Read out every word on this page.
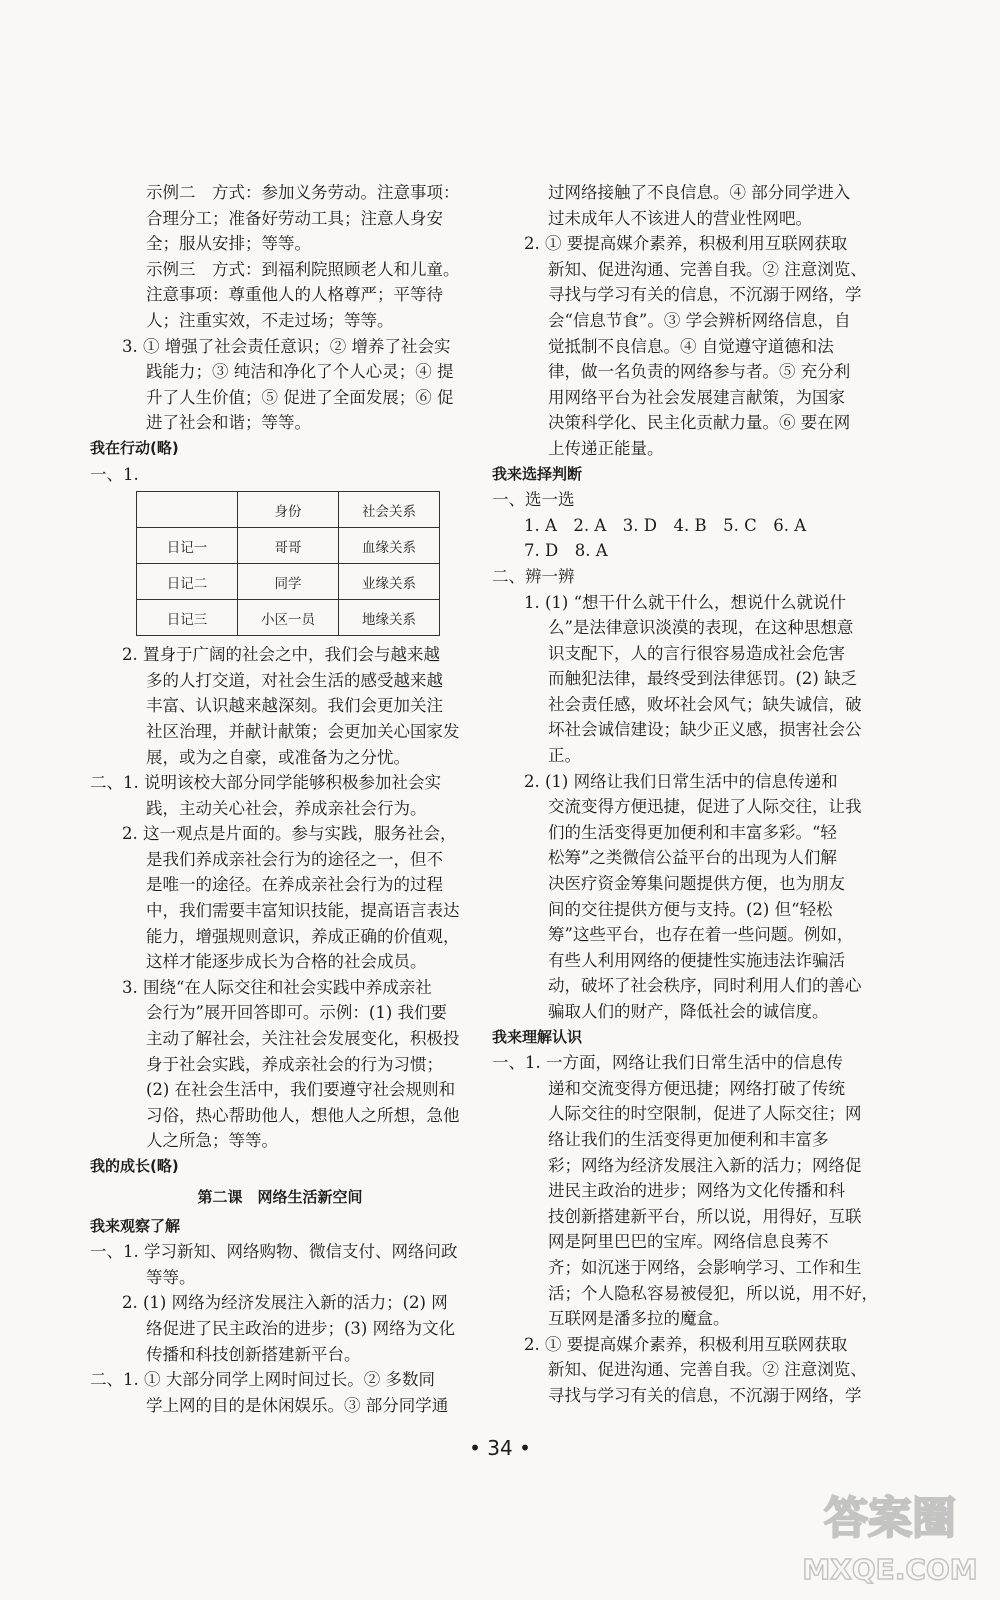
示例二　方式：参加义务劳动。注意事项：
合理分工；准备好劳动工具；注意人身安
全；服从安排；等等。
示例三　方式：到福利院照顾老人和儿童。
注意事项：尊重他人的人格尊严；平等待
人；注重实效，不走过场；等等。
3. ① 增强了社会责任意识；② 增养了社会实
践能力；③ 纯洁和净化了个人心灵；④ 提
升了人生价值；⑤ 促进了全面发展；⑥ 促
进了社会和谐；等等。
我在行动(略)
一、1.
	身份	社会关系
日记一	哥哥	血缘关系
日记二	同学	业缘关系
日记三	小区一员	地缘关系
2. 置身于广阔的社会之中，我们会与越来越
多的人打交道，对社会生活的感受越来越
丰富、认识越来越深刻。我们会更加关注
社区治理，并献计献策；会更加关心国家发
展，或为之自豪，或准备为之分忧。
二、1. 说明该校大部分同学能够积极参加社会实
践，主动关心社会，养成亲社会行为。
2. 这一观点是片面的。参与实践，服务社会，
是我们养成亲社会行为的途径之一，但不
是唯一的途径。在养成亲社会行为的过程
中，我们需要丰富知识技能，提高语言表达
能力，增强规则意识，养成正确的价值观，
这样才能逐步成长为合格的社会成员。
3. 围绕“在人际交往和社会实践中养成亲社
会行为”展开回答即可。示例：(1) 我们要
主动了解社会，关注社会发展变化，积极投
身于社会实践，养成亲社会的行为习惯；
(2) 在社会生活中，我们要遵守社会规则和
习俗，热心帮助他人，想他人之所想，急他
人之所急；等等。
我的成长(略)
第二课　网络生活新空间
我来观察了解
一、1. 学习新知、网络购物、微信支付、网络问政
等等。
2. (1) 网络为经济发展注入新的活力；(2) 网
络促进了民主政治的进步；(3) 网络为文化
传播和科技创新搭建新平台。
二、1. ① 大部分同学上网时间过长。② 多数同
学上网的目的是休闲娱乐。③ 部分同学通
过网络接触了不良信息。④ 部分同学进入
过未成年人不该进人的营业性网吧。
2. ① 要提高媒介素养，积极利用互联网获取
新知、促进沟通、完善自我。② 注意浏览、
寻找与学习有关的信息，不沉溺于网络，学
会“信息节食”。③ 学会辨析网络信息，自
觉抵制不良信息。④ 自觉遵守道德和法
律，做一名负责的网络参与者。⑤ 充分利
用网络平台为社会发展建言献策，为国家
决策科学化、民主化贡献力量。⑥ 要在网
上传递正能量。
我来选择判断
一、选一选
1. A　2. A　3. D　4. B　5. C　6. A
7. D　8. A
二、辨一辨
1. (1) “想干什么就干什么，想说什么就说什
么”是法律意识淡漠的表现，在这种思想意
识支配下，人的言行很容易造成社会危害
而触犯法律，最终受到法律惩罚。(2) 缺乏
社会责任感，败坏社会风气；缺失诚信，破
坏社会诚信建设；缺少正义感，损害社会公
正。
2. (1) 网络让我们日常生活中的信息传递和
交流变得方便迅捷，促进了人际交往，让我
们的生活变得更加便利和丰富多彩。“轻
松筹”之类微信公益平台的出现为人们解
决医疗资金筹集问题提供方便，也为朋友
间的交往提供方便与支持。(2) 但“轻松
筹”这些平台，也存在着一些问题。例如，
有些人利用网络的便捷性实施违法诈骗活
动，破坏了社会秩序，同时利用人们的善心
骗取人们的财产，降低社会的诚信度。
我来理解认识
一、1. 一方面，网络让我们日常生活中的信息传
递和交流变得方便迅捷；网络打破了传统
人际交往的时空限制，促进了人际交往；网
络让我们的生活变得更加便利和丰富多
彩；网络为经济发展注入新的活力；网络促
进民主政治的进步；网络为文化传播和科
技创新搭建新平台，所以说，用得好，互联
网是阿里巴巴的宝库。网络信息良莠不
齐；如沉迷于网络，会影响学习、工作和生
活；个人隐私容易被侵犯，所以说，用不好，
互联网是潘多拉的魔盒。
2. ① 要提高媒介素养，积极利用互联网获取
新知、促进沟通、完善自我。② 注意浏览、
寻找与学习有关的信息，不沉溺于网络，学
• 34 •
答案圈
MXQE.COM
